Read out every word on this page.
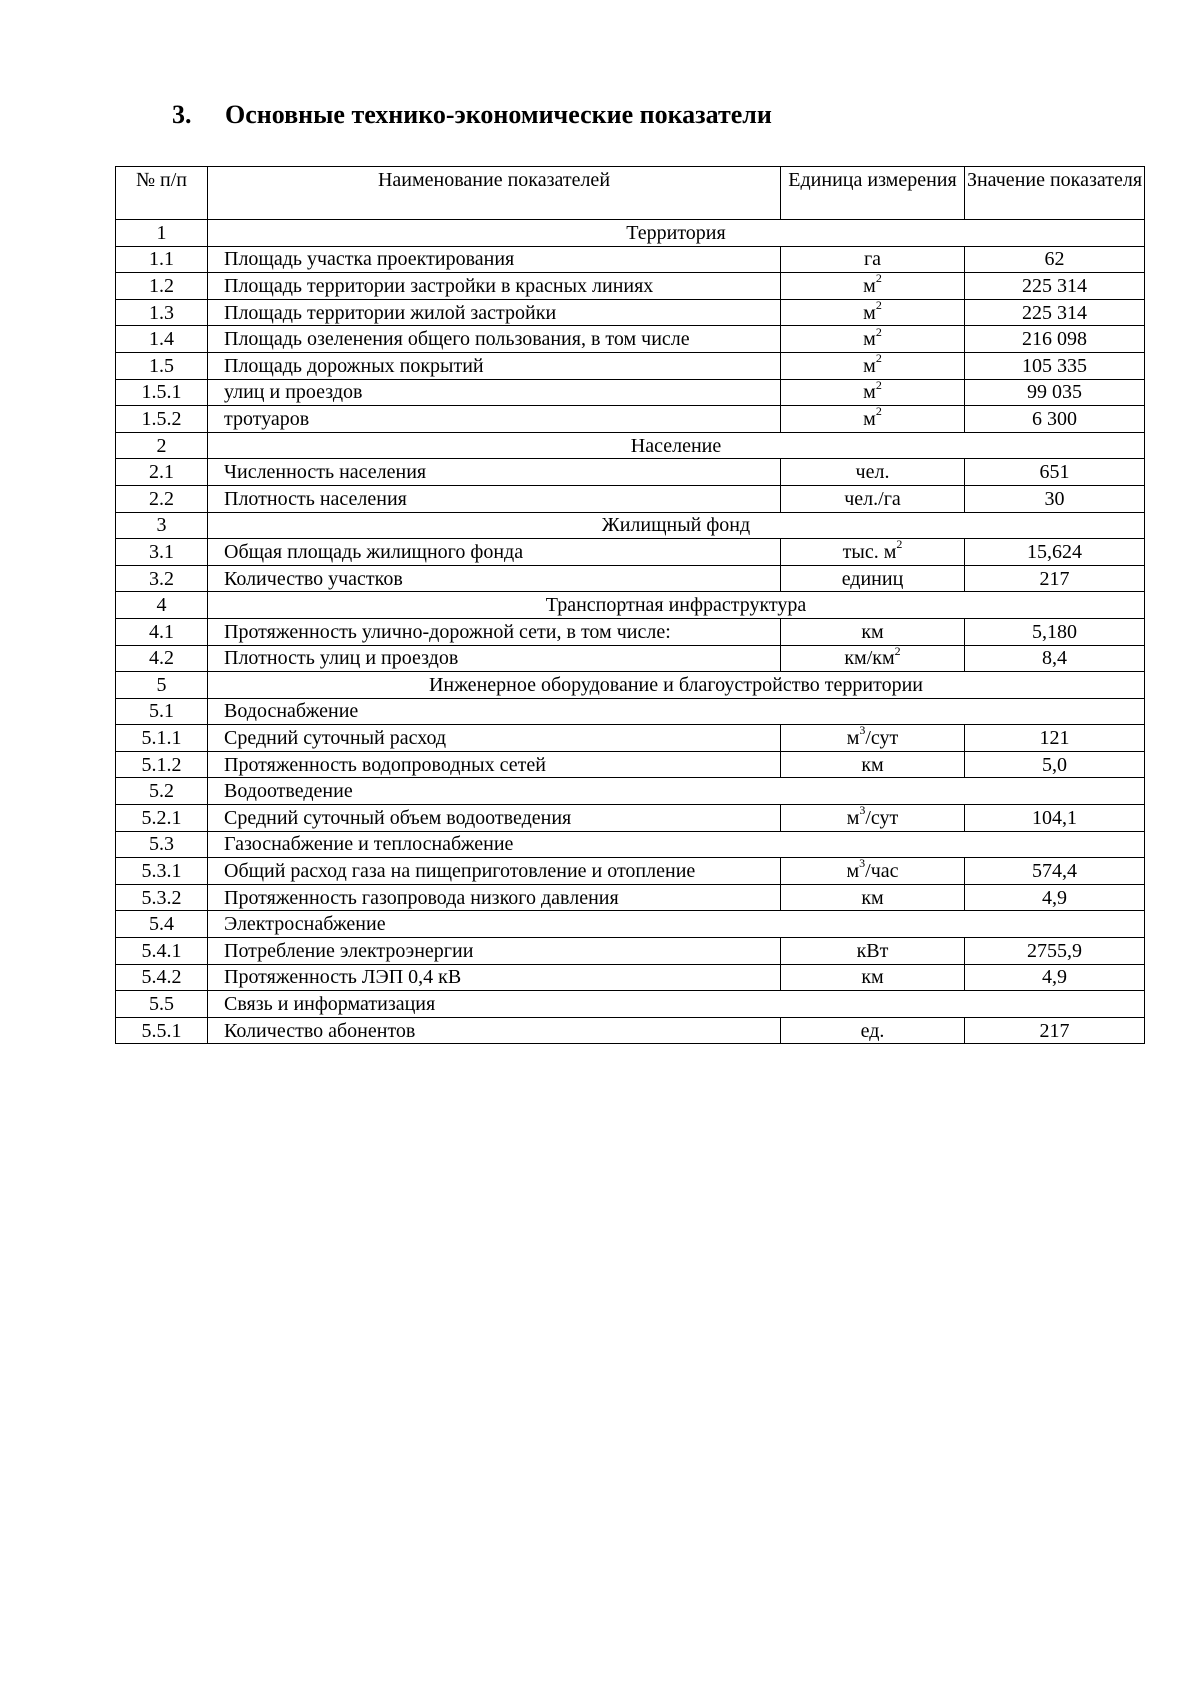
3. Основные технико-экономические показатели
№ п/п	Наименование показателей	Единица измерения	Значение показателя
1	Территория		
1.1	Площадь участка проектирования	га	62
1.2	Площадь территории застройки в красных линиях	$м^2$	225 314
1.3	Площадь территории жилой застройки	$м^2$	225 314
1.4	Площадь озеленения общего пользования, в том числе	$м^2$	216 098
1.5	Площадь дорожных покрытий	$м^2$	105 335
1.5.1	улиц и проездов	$м^2$	99 035
1.5.2	тротуаров	$м^2$	6 300
2	Население		
2.1	Численность населения	чел.	651
2.2	Плотность населения	чел./га	30
3	Жилищный фонд		
3.1	Общая площадь жилищного фонда	тыс. $м^2$	15,624
3.2	Количество участков	единиц	217
4	Транспортная инфраструктура		
4.1	Протяженность улично-дорожной сети, в том числе:	км	5,180
4.2	Плотность улиц и проездов	$км/км^2$	8,4
5	Инженерное оборудование и благоустройство территории		
5.1	Водоснабжение		
5.1.1	Средний суточный расход	$м^3$/сут	121
5.1.2	Протяженность водопроводных сетей	км	5,0
5.2	Водоотведение		
5.2.1	Средний суточный объем водоотведения	$м^3$/сут	104,1
5.3	Газоснабжение и теплоснабжение		
5.3.1	Общий расход газа на пищеприготовление и отопление	$м^3$/час	574,4
5.3.2	Протяженность газопровода низкого давления	км	4,9
5.4	Электроснабжение		
5.4.1	Потребление электроэнергии	кВт	2755,9
5.4.2	Протяженность ЛЭП 0,4 кВ	км	4,9
5.5	Связь и информатизация		
5.5.1	Количество абонентов	ед.	217
